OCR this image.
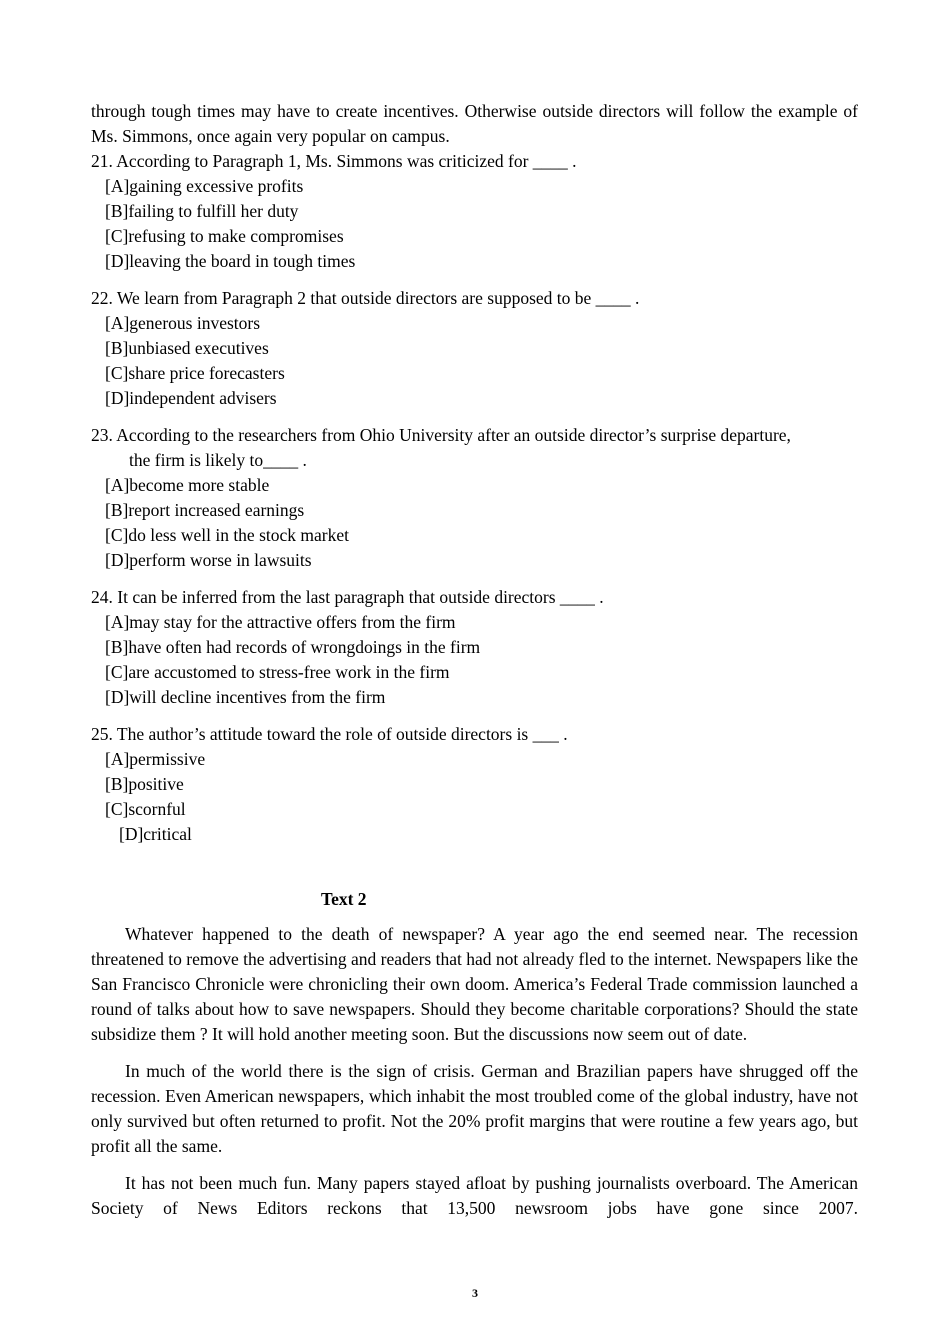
through tough times may have to create incentives. Otherwise outside directors will follow the example of Ms. Simmons, once again very popular on campus.

21. According to Paragraph 1, Ms. Simmons was criticized for ____ .

[A]gaining excessive profits

[B]failing to fulfill her duty

[C]refusing to make compromises

[D]leaving the board in tough times

22. We learn from Paragraph 2 that outside directors are supposed to be ____ .

[A]generous investors

[B]unbiased executives

[C]share price forecasters

[D]independent advisers

23. According to the researchers from Ohio University after an outside director’s surprise departure,

the firm is likely to____ .

[A]become more stable

[B]report increased earnings

[C]do less well in the stock market

[D]perform worse in lawsuits

24. It can be inferred from the last paragraph that outside directors ____ .

[A]may stay for the attractive offers from the firm

[B]have often had records of wrongdoings in the firm

[C]are accustomed to stress-free work in the firm

[D]will decline incentives from the firm

25. The author’s attitude toward the role of outside directors is ___ .

[A]permissive

[B]positive

[C]scornful

[D]critical

Text 2

Whatever happened to the death of newspaper? A year ago the end seemed near. The recession threatened to remove the advertising and readers that had not already fled to the internet. Newspapers like the San Francisco Chronicle were chronicling their own doom. America’s Federal Trade commission launched a round of talks about how to save newspapers. Should they become charitable corporations? Should the state subsidize them ? It will hold another meeting soon. But the discussions now seem out of date.

In much of the world there is the sign of crisis. German and Brazilian papers have shrugged off the recession. Even American newspapers, which inhabit the most troubled come of the global industry, have not only survived but often returned to profit. Not the 20% profit margins that were routine a few years ago, but profit all the same.

It has not been much fun. Many papers stayed afloat by pushing journalists overboard. The American Society of News Editors reckons that 13,500 newsroom jobs have gone since 2007.

3
